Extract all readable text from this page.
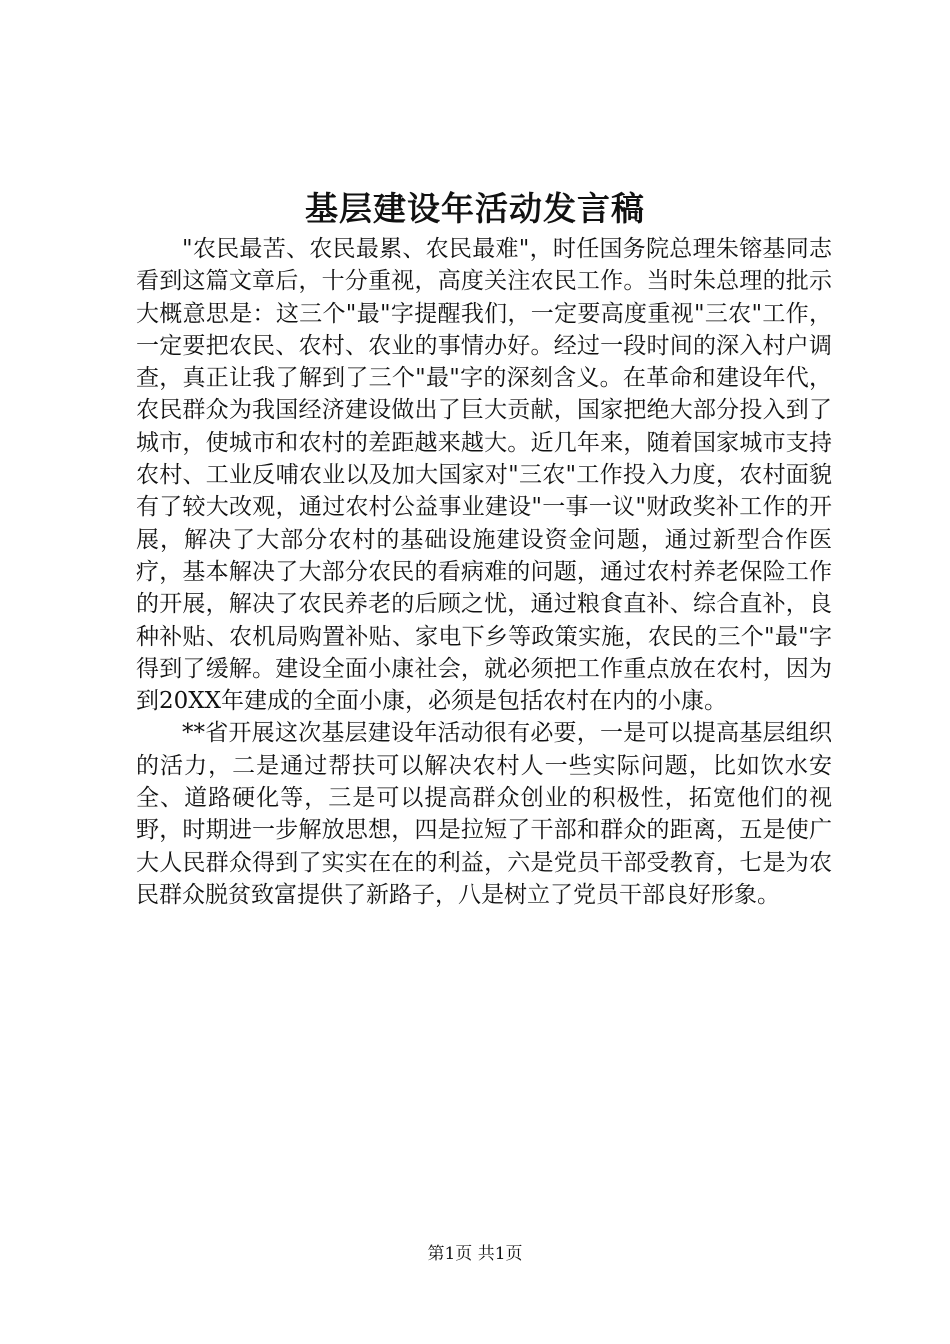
基层建设年活动发言稿

"农民最苦、农民最累、农民最难"，时任国务院总理朱镕基同志看到这篇文章后，十分重视，高度关注农民工作。当时朱总理的批示大概意思是：这三个"最"字提醒我们，一定要高度重视"三农"工作，一定要把农民、农村、农业的事情办好。经过一段时间的深入村户调查，真正让我了解到了三个"最"字的深刻含义。在革命和建设年代，农民群众为我国经济建设做出了巨大贡献，国家把绝大部分投入到了城市，使城市和农村的差距越来越大。近几年来，随着国家城市支持农村、工业反哺农业以及加大国家对"三农"工作投入力度，农村面貌有了较大改观，通过农村公益事业建设"一事一议"财政奖补工作的开展，解决了大部分农村的基础设施建设资金问题，通过新型合作医疗，基本解决了大部分农民的看病难的问题，通过农村养老保险工作的开展，解决了农民养老的后顾之忧，通过粮食直补、综合直补，良种补贴、农机局购置补贴、家电下乡等政策实施，农民的三个"最"字得到了缓解。建设全面小康社会，就必须把工作重点放在农村，因为到20XX年建成的全面小康，必须是包括农村在内的小康。

**省开展这次基层建设年活动很有必要，一是可以提高基层组织的活力，二是通过帮扶可以解决农村人一些实际问题，比如饮水安全、道路硬化等，三是可以提高群众创业的积极性，拓宽他们的视野，时期进一步解放思想，四是拉短了干部和群众的距离，五是使广大人民群众得到了实实在在的利益，六是党员干部受教育，七是为农民群众脱贫致富提供了新路子，八是树立了党员干部良好形象。

第1页 共1页
